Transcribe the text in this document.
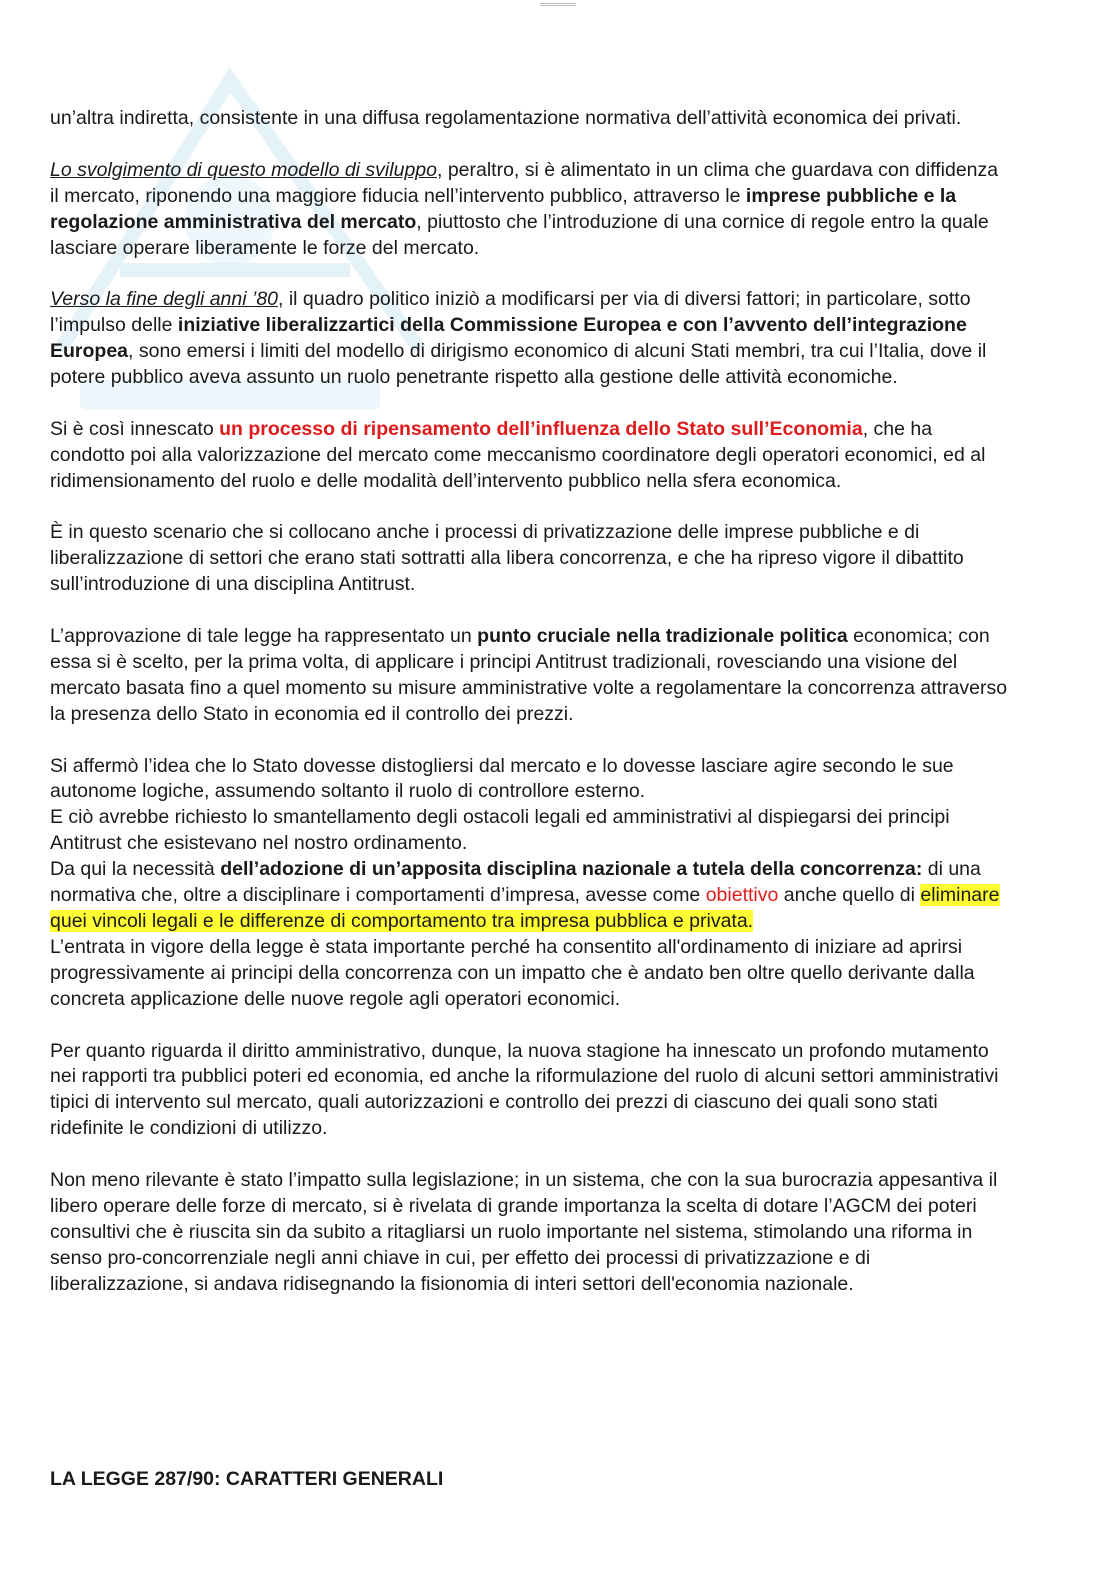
un’altra indiretta, consistente in una diffusa regolamentazione normativa dell’attività economica dei privati.

Lo svolgimento di questo modello di sviluppo, peraltro, si è alimentato in un clima che guardava con diffidenza il mercato, riponendo una maggiore fiducia nell’intervento pubblico, attraverso le imprese pubbliche e la regolazione amministrativa del mercato, piuttosto che l’introduzione di una cornice di regole entro la quale lasciare operare liberamente le forze del mercato.

Verso la fine degli anni ’80, il quadro politico iniziò a modificarsi per via di diversi fattori; in particolare, sotto l’impulso delle iniziative liberalizzartici della Commissione Europea e con l’avvento dell’integrazione Europea, sono emersi i limiti del modello di dirigismo economico di alcuni Stati membri, tra cui l’Italia, dove il potere pubblico aveva assunto un ruolo penetrante rispetto alla gestione delle attività economiche.

Si è così innescato un processo di ripensamento dell’influenza dello Stato sull’Economia, che ha condotto poi alla valorizzazione del mercato come meccanismo coordinatore degli operatori economici, ed al ridimensionamento del ruolo e delle modalità dell’intervento pubblico nella sfera economica.

È in questo scenario che si collocano anche i processi di privatizzazione delle imprese pubbliche e di liberalizzazione di settori che erano stati sottratti alla libera concorrenza, e che ha ripreso vigore il dibattito sull’introduzione di una disciplina Antitrust.

L’approvazione di tale legge ha rappresentato un punto cruciale nella tradizionale politica economica; con essa si è scelto, per la prima volta, di applicare i principi Antitrust tradizionali, rovesciando una visione del mercato basata fino a quel momento su misure amministrative volte a regolamentare la concorrenza attraverso la presenza dello Stato in economia ed il controllo dei prezzi.

Si affermò l’idea che lo Stato dovesse distogliersi dal mercato e lo dovesse lasciare agire secondo le sue autonome logiche, assumendo soltanto il ruolo di controllore esterno.

E ciò avrebbe richiesto lo smantellamento degli ostacoli legali ed amministrativi al dispiegarsi dei principi Antitrust che esistevano nel nostro ordinamento.

Da qui la necessità dell’adozione di un’apposita disciplina nazionale a tutela della concorrenza: di una normativa che, oltre a disciplinare i comportamenti d’impresa, avesse come obiettivo anche quello di eliminare quei vincoli legali e le differenze di comportamento tra impresa pubblica e privata.

L’entrata in vigore della legge è stata importante perché ha consentito all'ordinamento di iniziare ad aprirsi progressivamente ai principi della concorrenza con un impatto che è andato ben oltre quello derivante dalla concreta applicazione delle nuove regole agli operatori economici.

Per quanto riguarda il diritto amministrativo, dunque, la nuova stagione ha innescato un profondo mutamento nei rapporti tra pubblici poteri ed economia, ed anche la riformulazione del ruolo di alcuni settori amministrativi tipici di intervento sul mercato, quali autorizzazioni e controllo dei prezzi di ciascuno dei quali sono stati ridefinite le condizioni di utilizzo.

Non meno rilevante è stato l’impatto sulla legislazione; in un sistema, che con la sua burocrazia appesantiva il libero operare delle forze di mercato, si è rivelata di grande importanza la scelta di dotare l’AGCM dei poteri consultivi che è riuscita sin da subito a ritagliarsi un ruolo importante nel sistema, stimolando una riforma in senso pro-concorrenziale negli anni chiave in cui, per effetto dei processi di privatizzazione e di liberalizzazione, si andava ridisegnando la fisionomia di interi settori dell'economia nazionale.

LA LEGGE 287/90: CARATTERI GENERALI
